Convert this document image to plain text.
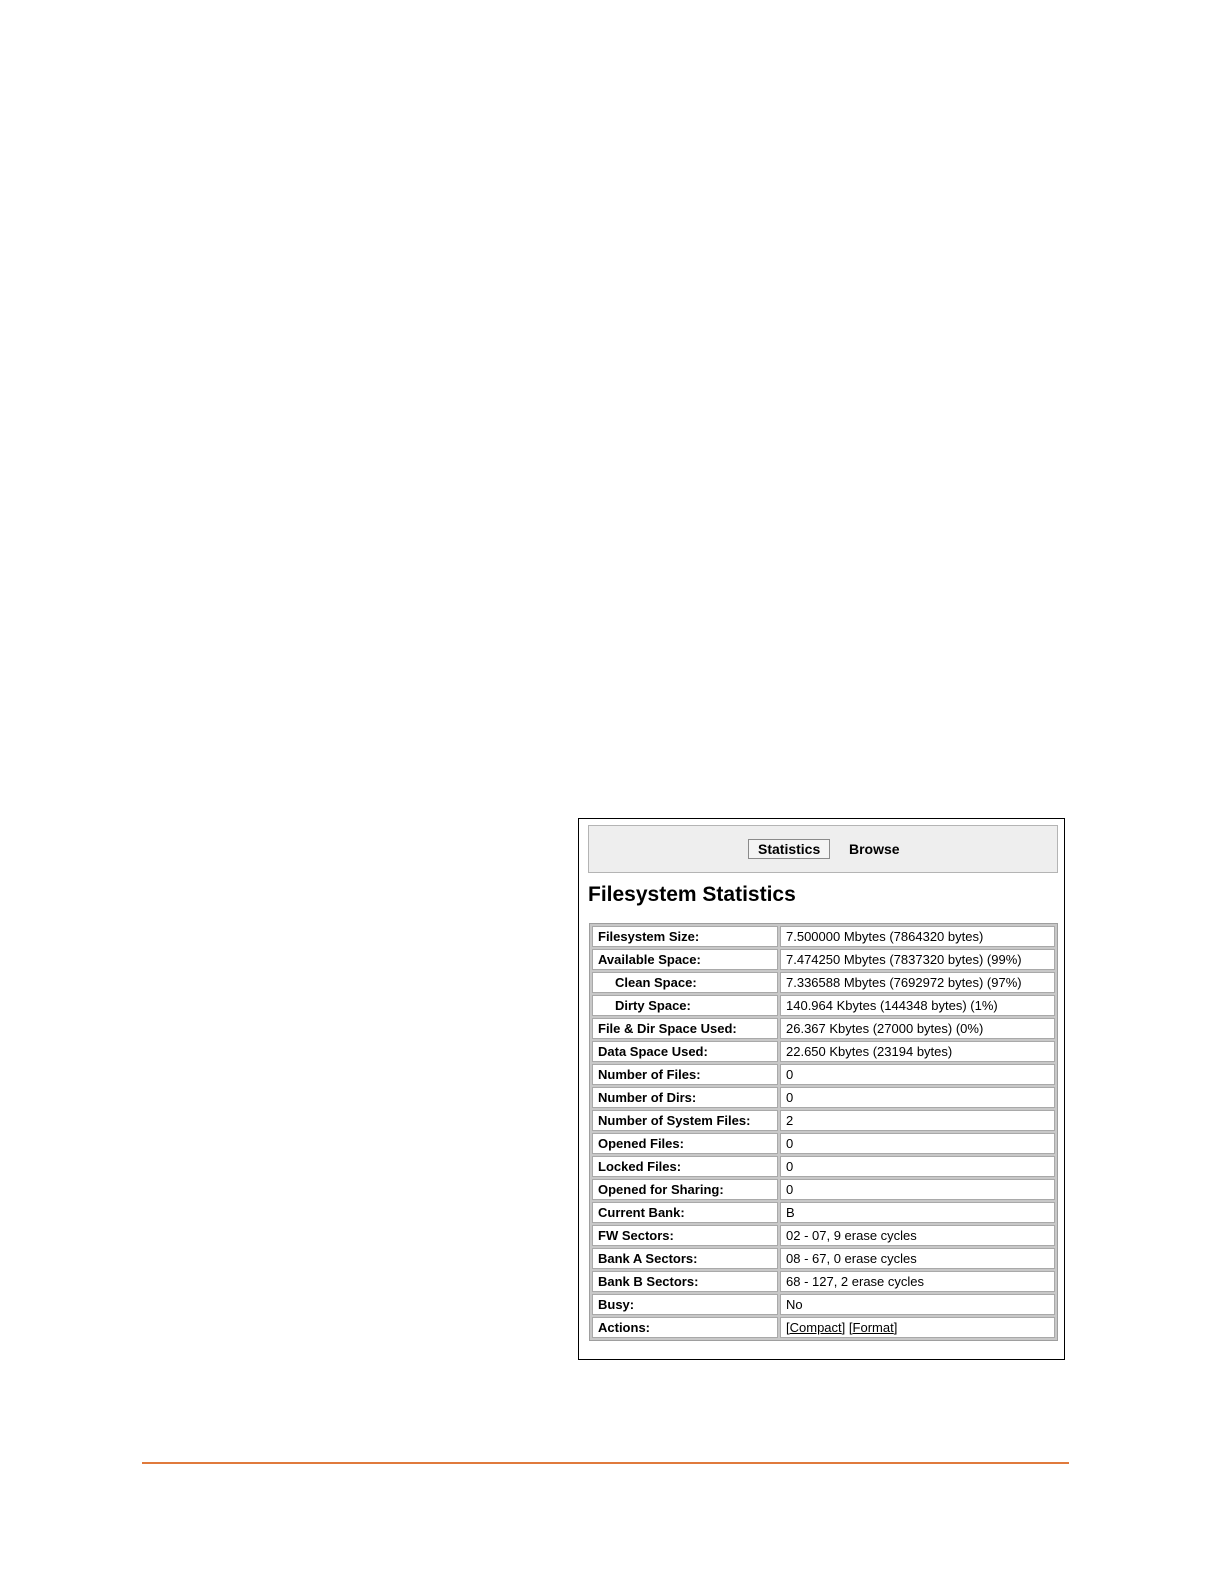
Statistics	Browse
Filesystem Statistics
Filesystem Size:	7.500000 Mbytes (7864320 bytes)
Available Space:	7.474250 Mbytes (7837320 bytes) (99%)
Clean Space:	7.336588 Mbytes (7692972 bytes) (97%)
Dirty Space:	140.964 Kbytes (144348 bytes) (1%)
File & Dir Space Used:	26.367 Kbytes (27000 bytes) (0%)
Data Space Used:	22.650 Kbytes (23194 bytes)
Number of Files:	0
Number of Dirs:	0
Number of System Files:	2
Opened Files:	0
Locked Files:	0
Opened for Sharing:	0
Current Bank:	B
FW Sectors:	02 - 07, 9 erase cycles
Bank A Sectors:	08 - 67, 0 erase cycles
Bank B Sectors:	68 - 127, 2 erase cycles
Busy:	No
Actions:	[Compact] [Format]
